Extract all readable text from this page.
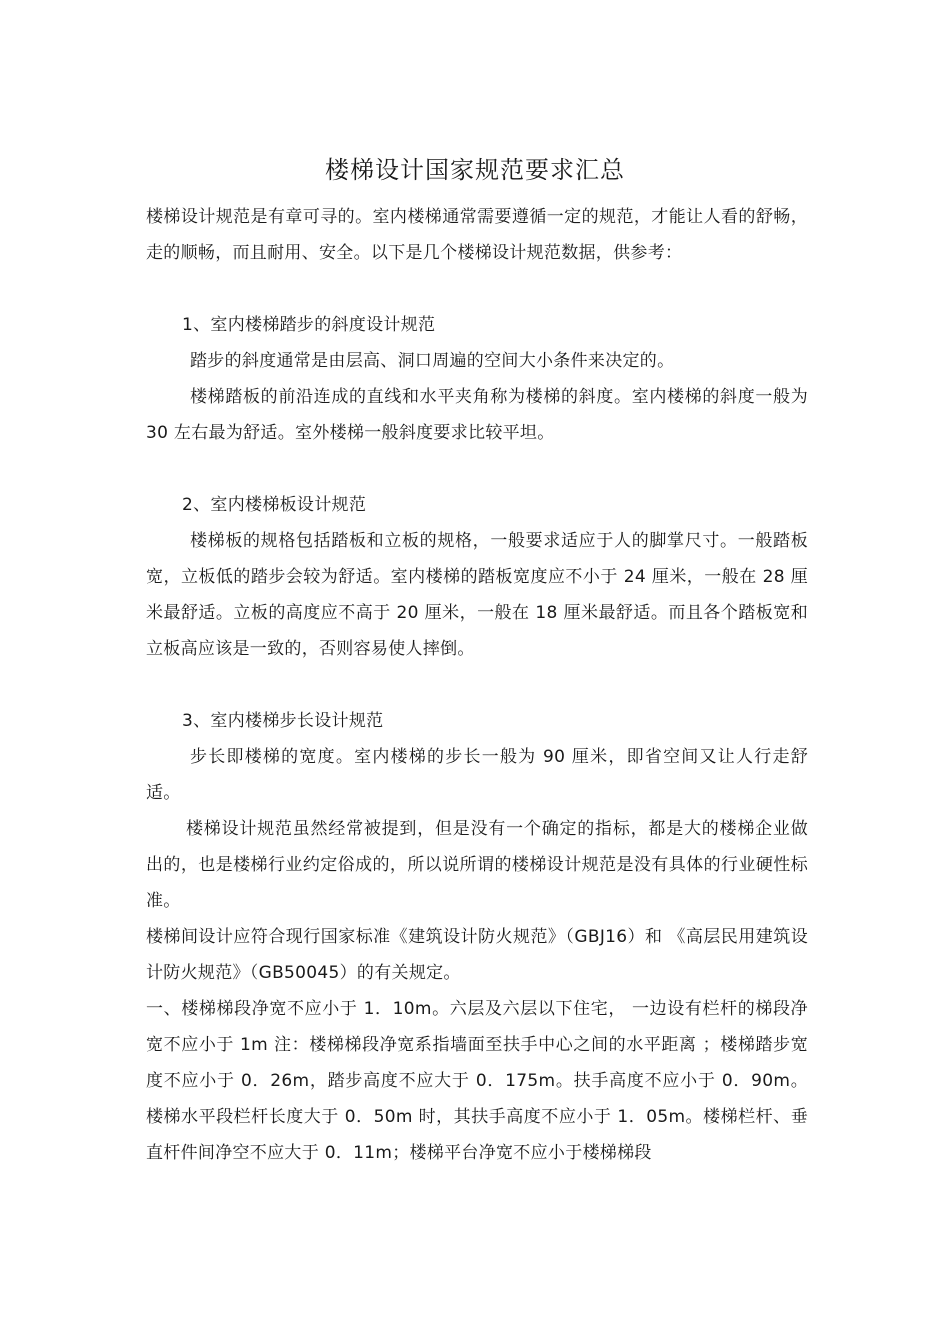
楼梯设计国家规范要求汇总

楼梯设计规范是有章可寻的。室内楼梯通常需要遵循一定的规范，才能让人看的舒畅，走的顺畅，而且耐用、安全。以下是几个楼梯设计规范数据，供参考：

1、室内楼梯踏步的斜度设计规范

踏步的斜度通常是由层高、洞口周遍的空间大小条件来决定的。

楼梯踏板的前沿连成的直线和水平夹角称为楼梯的斜度。室内楼梯的斜度一般为 30 左右最为舒适。室外楼梯一般斜度要求比较平坦。

2、室内楼梯板设计规范

楼梯板的规格包括踏板和立板的规格，一般要求适应于人的脚掌尺寸。一般踏板宽，立板低的踏步会较为舒适。室内楼梯的踏板宽度应不小于 24 厘米，一般在 28 厘米最舒适。立板的高度应不高于 20 厘米，一般在 18 厘米最舒适。而且各个踏板宽和立板高应该是一致的，否则容易使人摔倒。

3、室内楼梯步长设计规范

步长即楼梯的宽度。室内楼梯的步长一般为 90 厘米，即省空间又让人行走舒适。

楼梯设计规范虽然经常被提到，但是没有一个确定的指标，都是大的楼梯企业做出的，也是楼梯行业约定俗成的，所以说所谓的楼梯设计规范是没有具体的行业硬性标准。

楼梯间设计应符合现行国家标准《建筑设计防火规范》（GBJ16）和 《高层民用建筑设计防火规范》（GB50045）的有关规定。

一、楼梯梯段净宽不应小于 1．10m。六层及六层以下住宅， 一边设有栏杆的梯段净宽不应小于 1m 注：楼梯梯段净宽系指墙面至扶手中心之间的水平距离 ；楼梯踏步宽度不应小于 0．26m，踏步高度不应大于 0．175m。扶手高度不应小于 0．90m。楼梯水平段栏杆长度大于 0．50m 时，其扶手高度不应小于 1．05m。楼梯栏杆、垂直杆件间净空不应大于 0．11m；楼梯平台净宽不应小于楼梯梯段
